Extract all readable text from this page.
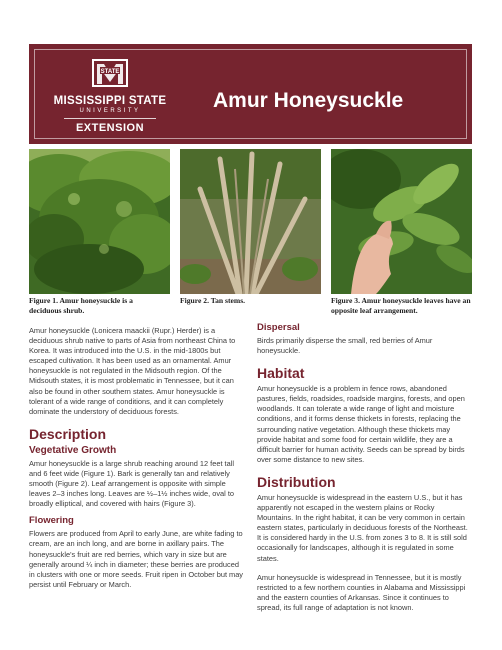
STATE
MISSISSIPPI STATE
UNIVERSITY
EXTENSION
Amur Honeysuckle
Figure 1. Amur honeysuckle is a deciduous shrub.
Figure 2. Tan stems.	Figure 3. Amur honeysuckle leaves have an opposite leaf arrangement.

Amur honeysuckle (Lonicera maackii (Rupr.) Herder) is a deciduous shrub native to parts of Asia from northeast China to Korea. It was introduced into the U.S. in the mid-1800s but escaped cultivation. It has been used as an ornamental. Amur honeysuckle is not regulated in the Midsouth region. Of the Midsouth states, it is most problematic in Tennessee, but it can also be found in other southern states. Amur honeysuckle is tolerant of a wide range of conditions, and it can completely dominate the understory of deciduous forests.

Description
Vegetative Growth

Amur honeysuckle is a large shrub reaching around 12 feet tall and 6 feet wide (Figure 1). Bark is generally tan and relatively smooth (Figure 2). Leaf arrangement is opposite with simple leaves 2–3 inches long. Leaves are ½–1½ inches wide, oval to broadly elliptical, and covered with hairs (Figure 3).

Flowering

Flowers are produced from April to early June, are white fading to cream, are an inch long, and are borne in axillary pairs. The honeysuckle's fruit are red berries, which vary in size but are generally around ¼ inch in diameter; these berries are produced in clusters with one or more seeds. Fruit ripen in October but may persist until February or March.

Dispersal

Birds primarily disperse the small, red berries of Amur honeysuckle.

Habitat

Amur honeysuckle is a problem in fence rows, abandoned pastures, fields, roadsides, roadside margins, forests, and open woodlands. It can tolerate a wide range of light and moisture conditions, and it forms dense thickets in forests, replacing the surrounding native vegetation. Although these thickets may provide habitat and some food for certain wildlife, they are a difficult barrier for human activity. Seeds can be spread by birds over some distance to new sites.

Distribution

Amur honeysuckle is widespread in the eastern U.S., but it has apparently not escaped in the western plains or Rocky Mountains. In the right habitat, it can be very common in certain eastern states, particularly in deciduous forests of the Northeast. It is considered hardy in the U.S. from zones 3 to 8. It is still sold occasionally for landscapes, although it is regulated in some states.

Amur honeysuckle is widespread in Tennessee, but it is mostly restricted to a few northern counties in Alabama and Mississippi and the eastern counties of Arkansas. Since it continues to spread, its full range of adaptation is not known.
